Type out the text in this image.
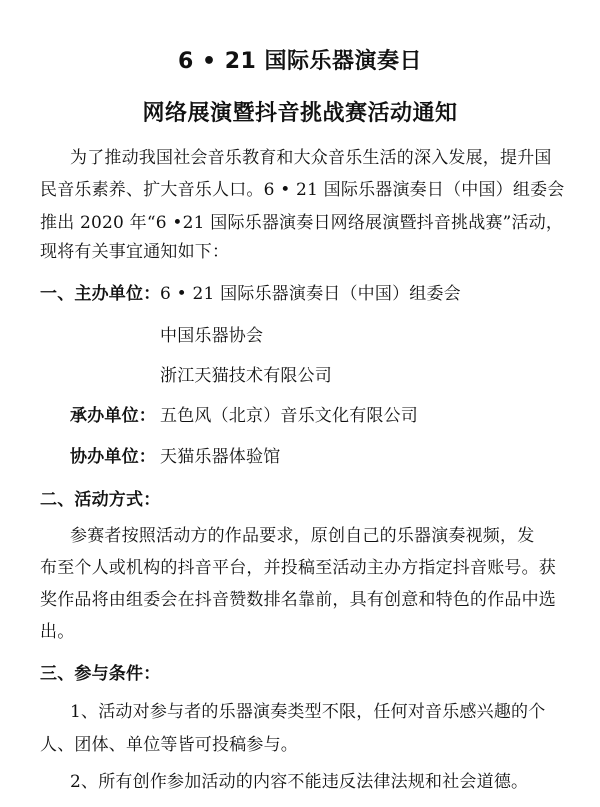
6 • 21 国际乐器演奏日
网络展演暨抖音挑战赛活动通知
为了推动我国社会音乐教育和大众音乐生活的深入发展，提升国
民音乐素养、扩大音乐人口。6 • 21 国际乐器演奏日（中国）组委会
推出 2020 年“6 •21 国际乐器演奏日网络展演暨抖音挑战赛”活动，
现将有关事宜通知如下：
一、主办单位： 6 • 21 国际乐器演奏日（中国）组委会
中国乐器协会
浙江天猫技术有限公司
承办单位： 五色风（北京）音乐文化有限公司
协办单位： 天猫乐器体验馆
二、活动方式：
参赛者按照活动方的作品要求，原创自己的乐器演奏视频，发
布至个人或机构的抖音平台，并投稿至活动主办方指定抖音账号。获
奖作品将由组委会在抖音赞数排名靠前，具有创意和特色的作品中选
出。
三、参与条件：
1、活动对参与者的乐器演奏类型不限，任何对音乐感兴趣的个
人、团体、单位等皆可投稿参与。
2、所有创作参加活动的内容不能违反法律法规和社会道德。
